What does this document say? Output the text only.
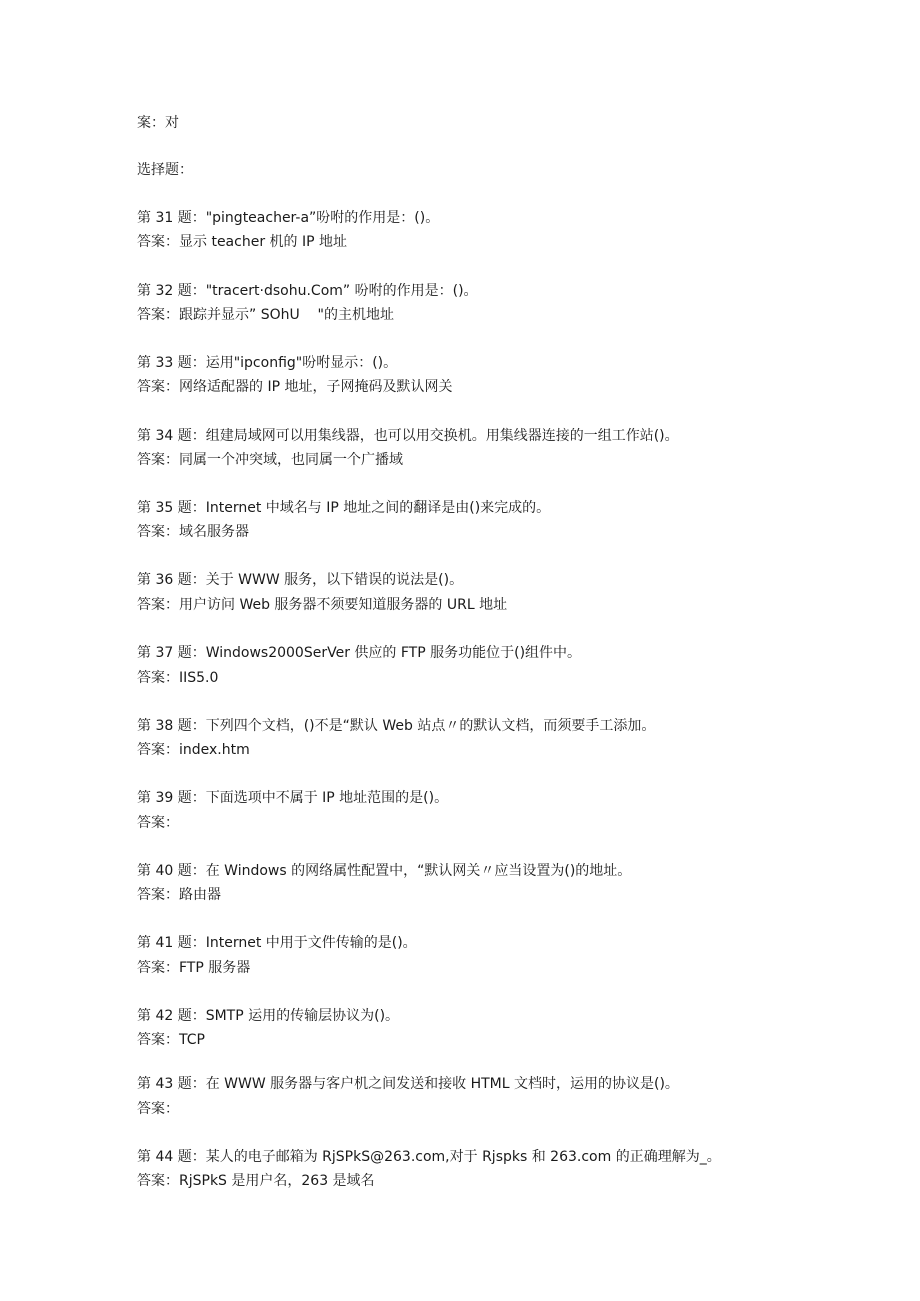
案：对
选择题：
第 31 题："pingteacher-a”吩咐的作用是：()。
答案：显示 teacher 机的 IP 地址
第 32 题："tracert·dsohu.Com” 吩咐的作用是：()。
答案：跟踪并显示” SOhU    "的主机地址
第 33 题：运用"ipconfig"吩咐显示：()。
答案：网络适配器的 IP 地址，子网掩码及默认网关
第 34 题：组建局域网可以用集线器，也可以用交换机。用集线器连接的一组工作站()。
答案：同属一个冲突域，也同属一个广播域
第 35 题：Internet 中域名与 IP 地址之间的翻译是由()来完成的。
答案：域名服务器
第 36 题：关于 WWW 服务，以下错误的说法是()。
答案：用户访问 Web 服务器不须要知道服务器的 URL 地址
第 37 题：Windows2000SerVer 供应的 FTP 服务功能位于()组件中。
答案：IIS5.0
第 38 题：下列四个文档，()不是“默认 Web 站点〃的默认文档，而须要手工添加。
答案：index.htm
第 39 题：下面选项中不属于 IP 地址范围的是()。
答案：
第 40 题：在 Windows 的网络属性配置中，“默认网关〃应当设置为()的地址。
答案：路由器
第 41 题：Internet 中用于文件传输的是()。
答案：FTP 服务器
第 42 题：SMTP 运用的传输层协议为()。
答案：TCP
第 43 题：在 WWW 服务器与客户机之间发送和接收 HTML 文档时，运用的协议是()。
答案：
第 44 题：某人的电子邮箱为 RjSPkS@263.com,对于 Rjspks 和 263.com 的正确理解为_。
答案：RjSPkS 是用户名，263 是域名
